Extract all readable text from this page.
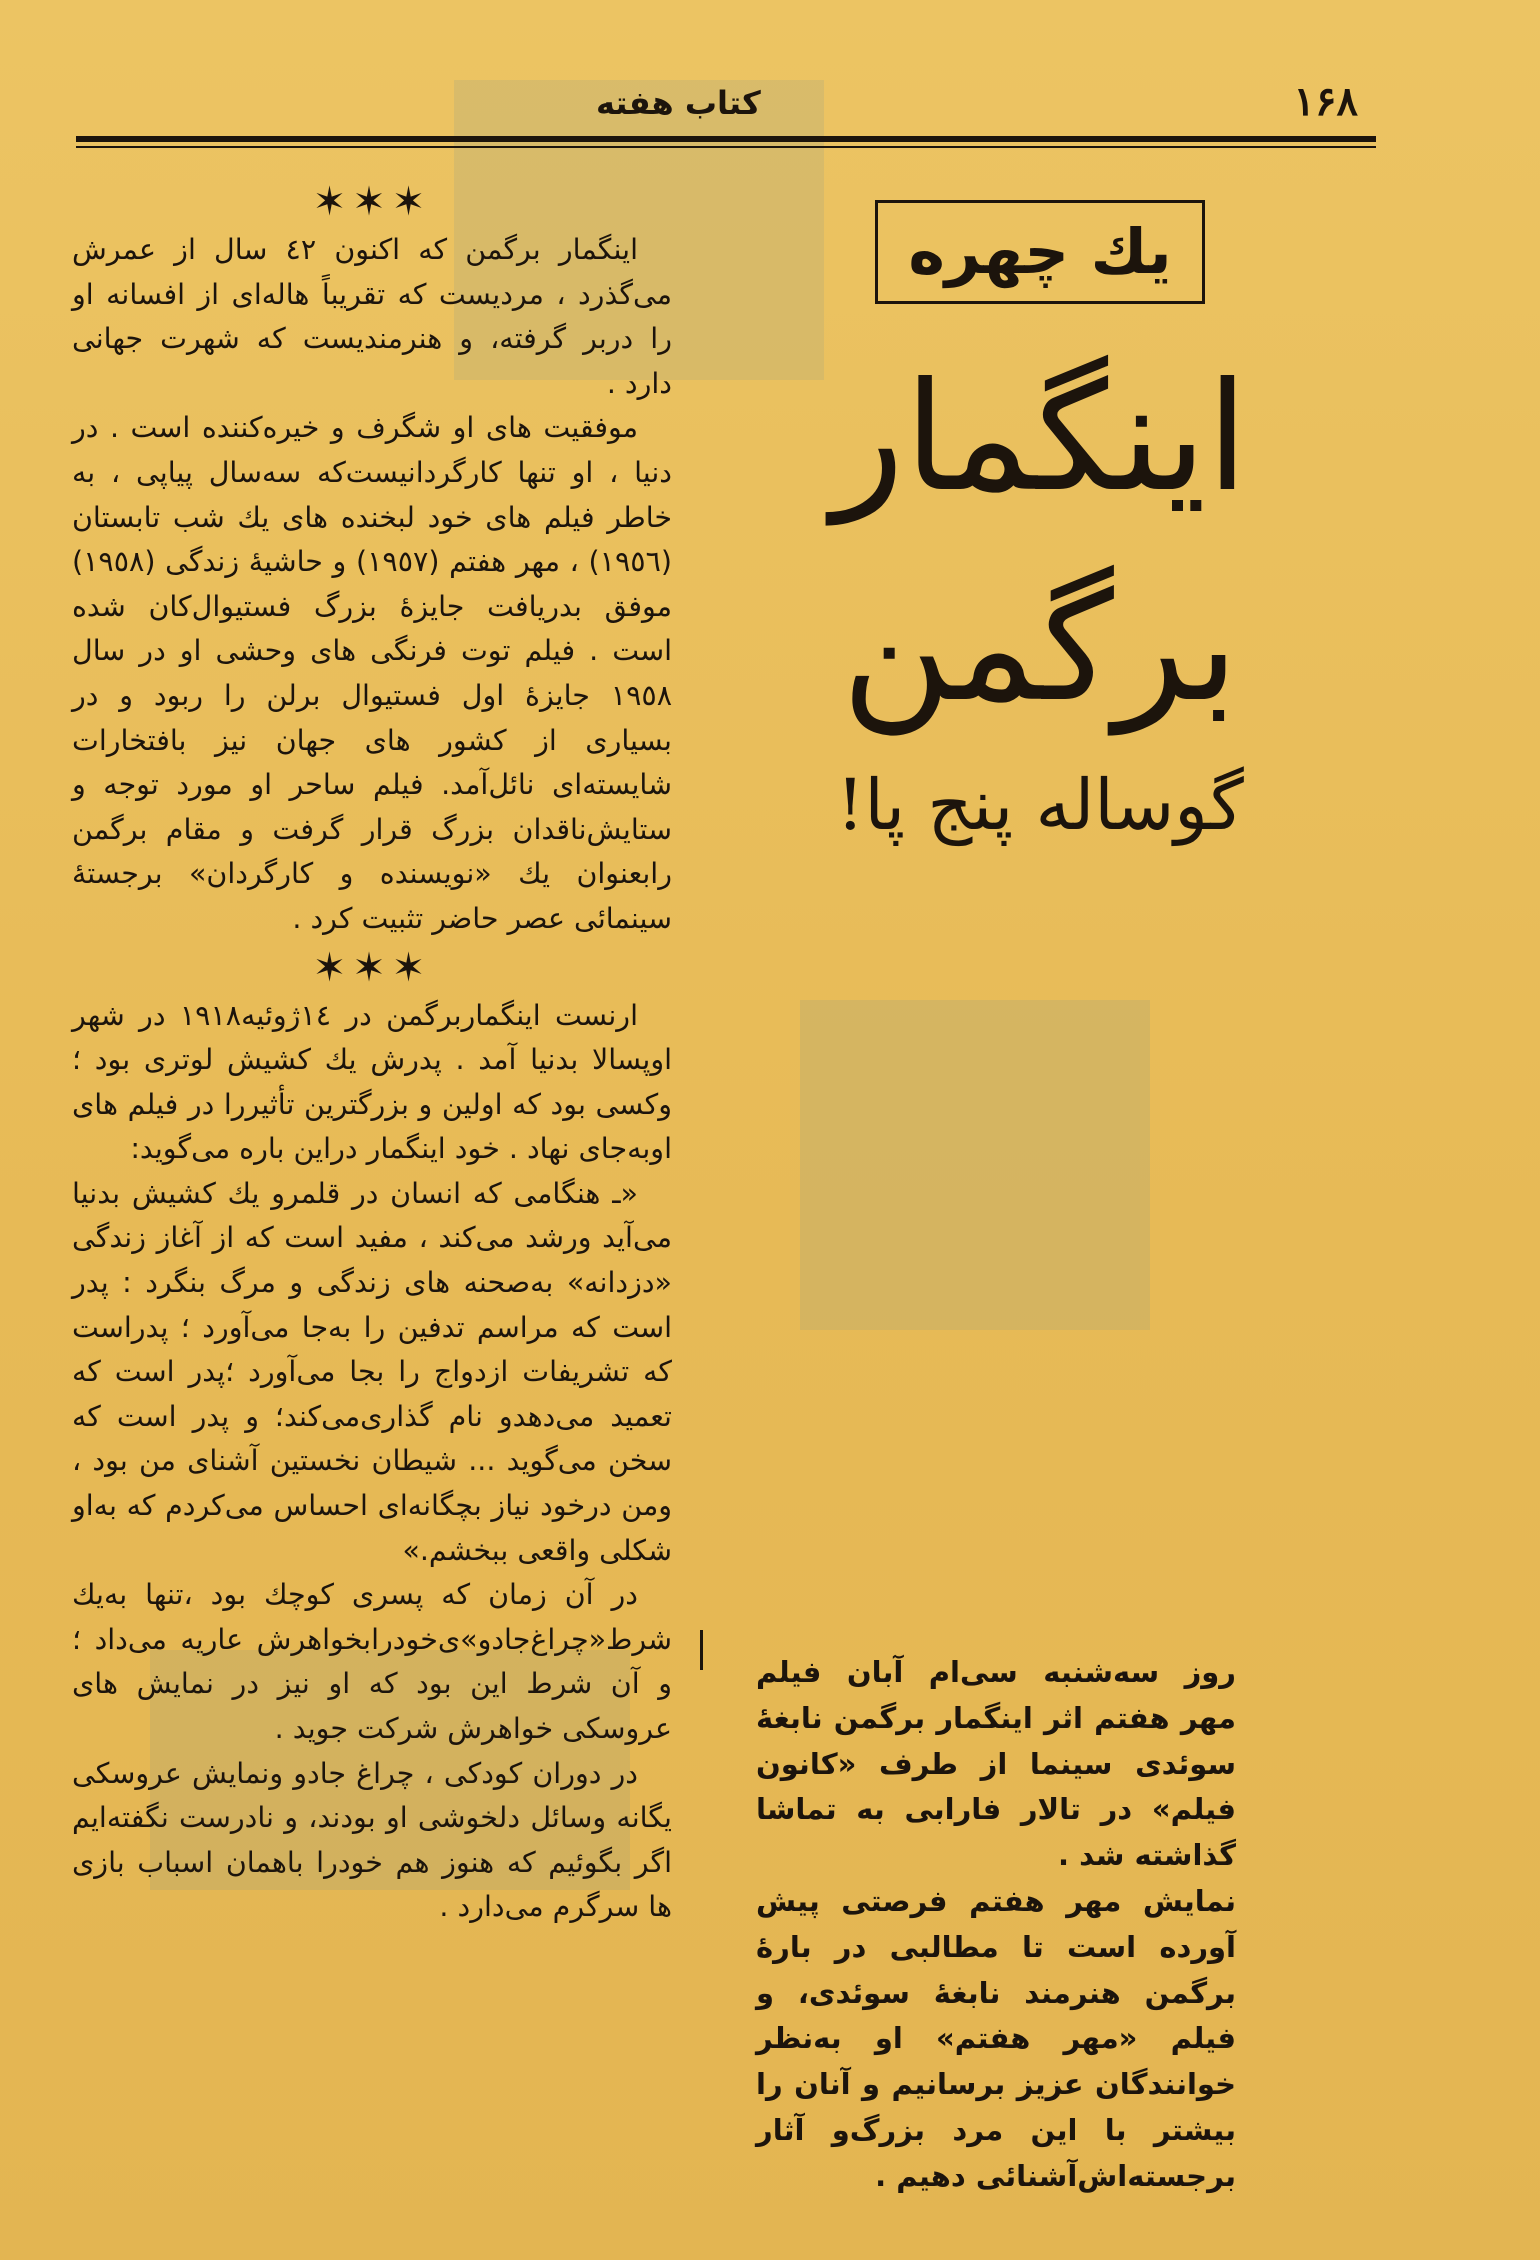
۱۶۸
کتاب هفته

✶✶✶

اینگمار برگمن که اکنون ٤٢ سال از عمرش می‌گذرد ، مردیست که تقریباً هاله‌ای از افسانه او را دربر گرفته، و هنرمندیست که شهرت جهانی دارد .

موفقیت های او شگرف و خیره‌کننده است . در دنیا ، او تنها کارگردانیست‌که سه‌سال پیاپی ، به خاطر فیلم های خود لبخنده های یك شب تابستان (١٩٥٦) ، مهر هفتم (١٩٥٧) و حاشیهٔ زندگی (١٩٥٨) موفق بدریافت جایزهٔ بزرگ فستیوال‌کان شده است . فیلم توت فرنگی های وحشی او در سال ١٩٥٨ جایزهٔ اول فستیوال برلن را ربود و در بسیاری از کشور های جهان نیز بافتخارات شایسته‌ای نائل‌آمد. فیلم ساحر او مورد توجه و ستایش‌ناقدان بزرگ قرار گرفت و مقام برگمن رابعنوان یك «نویسنده و کارگردان» برجستهٔ سینمائی عصر حاضر تثبیت کرد .

✶✶✶

ارنست اینگماربرگمن در ١٤ژوئیه١٩١٨ در شهر اوپسالا بدنیا آمد . پدرش یك کشیش لوتری بود ؛ وکسی بود که اولین و بزرگترین تأثیررا در فیلم های اوبه‌جای نهاد . خود اینگمار دراین باره می‌گوید:

«ـ هنگامی که انسان در قلمرو یك کشیش بدنیا می‌آید ورشد می‌کند ، مفید است که از آغاز زندگی «دزدانه» به‌صحنه های زندگی و مرگ بنگرد : پدر است که مراسم تدفین را به‌جا می‌آورد ؛ پدراست که تشریفات ازدواج را بجا می‌آورد ؛پدر است که تعمید می‌دهدو نام گذاری‌می‌کند؛ و پدر است که سخن می‌گوید ... شیطان نخستین آشنای من بود ، ومن درخود نیاز بچگانه‌ای احساس می‌کردم که به‌او شکلی واقعی ببخشم.»

در آن زمان که پسری کوچك بود ،تنها به‌یك شرط«چراغ‌جادو»ی‌خودرابخواهرش عاریه می‌داد ؛ و آن شرط این بود که او نیز در نمایش های عروسکی خواهرش شرکت جوید .

در دوران کودکی ، چراغ جادو ونمایش عروسکی یگانه وسائل دلخوشی او بودند، و نادرست نگفته‌ایم اگر بگوئیم که هنوز هم خودرا باهمان اسباب بازی ها سرگرم می‌دارد .

یك چهره
اینگمار
برگمن
گوساله پنج پا!

روز سه‌شنبه سی‌ام آبان فیلم مهر هفتم اثر اینگمار برگمن نابغهٔ سوئدی سینما از طرف «کانون فیلم» در تالار فارابی به تماشا گذاشته شد .

نمایش مهر هفتم فرصتی پیش آورده است تا مطالبی در بارهٔ برگمن هنرمند نابغهٔ سوئدی، و فیلم «مهر هفتم» او به‌نظر خوانندگان عزیز برسانیم و آنان را بیشتر با این مرد بزرگ‌و آثار برجسته‌اش‌آشنائی دهیم .
